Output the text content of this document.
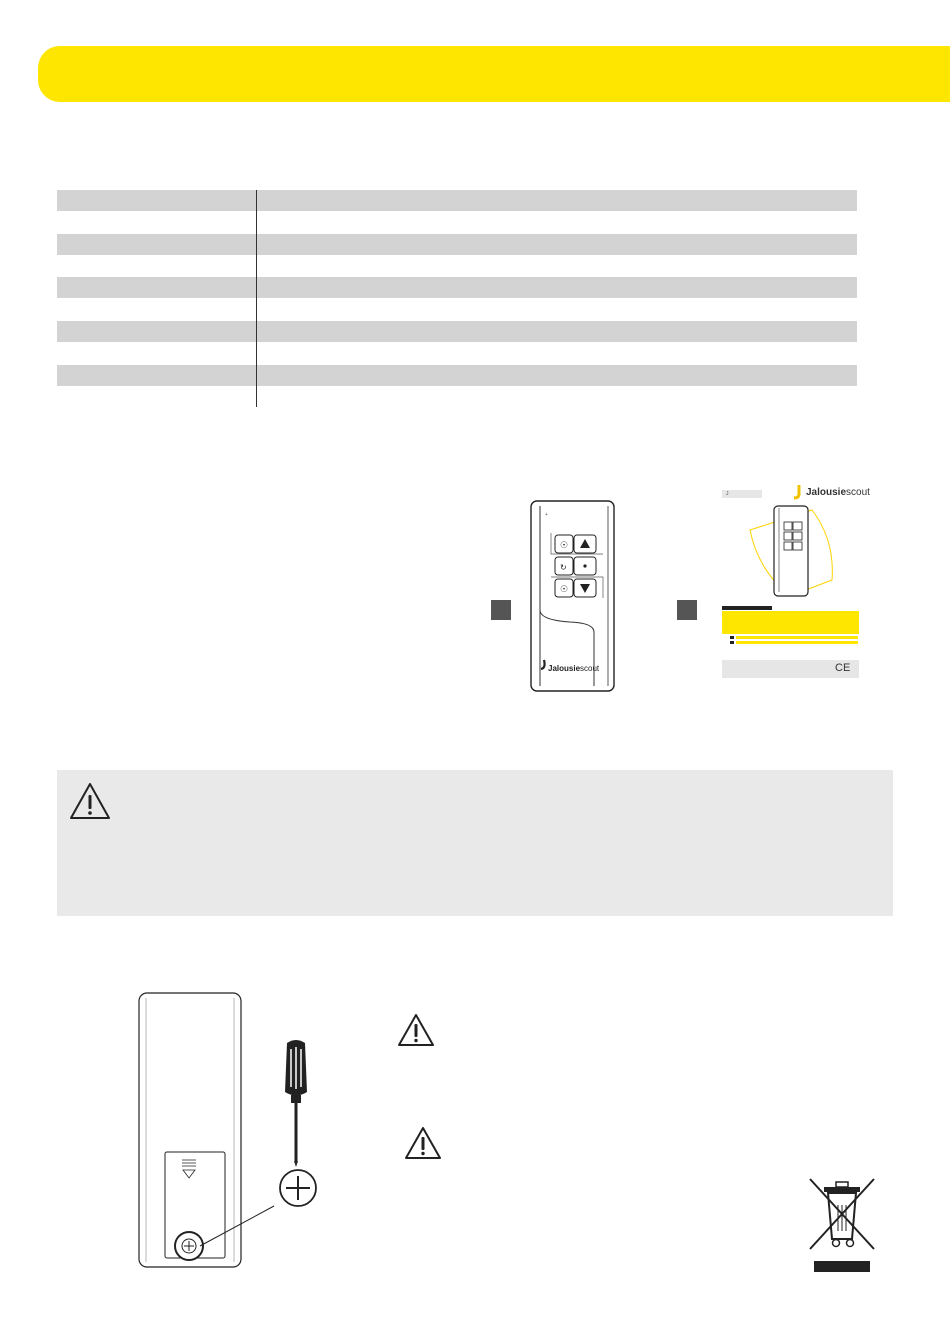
+
☉
↻
☉
Jalousiescout
J	Jalousiescout
CE
